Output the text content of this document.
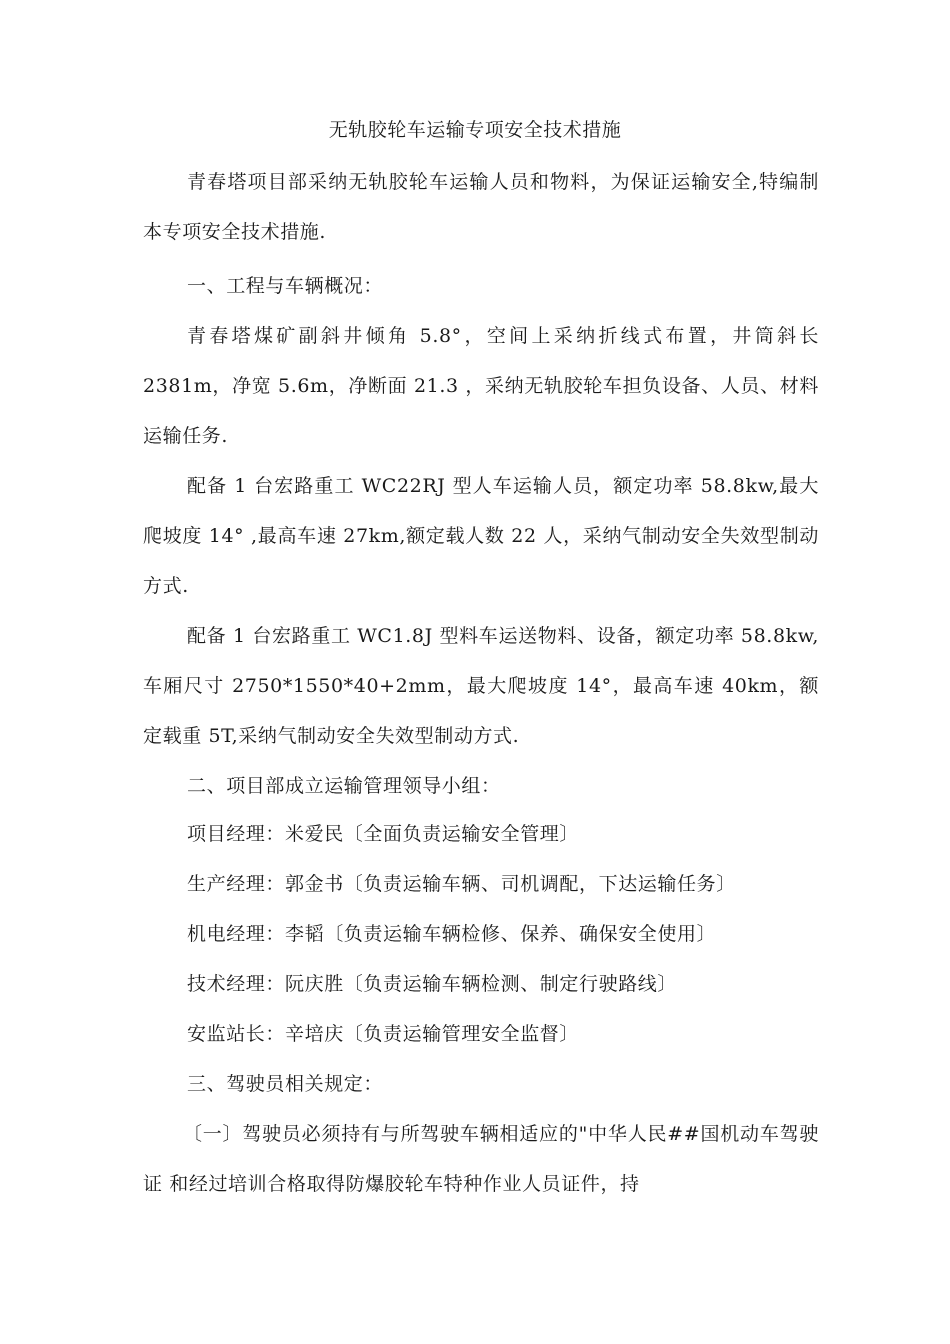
无轨胶轮车运输专项安全技术措施

青春塔项目部采纳无轨胶轮车运输人员和物料，为保证运输安全,特编制本专项安全技术措施.

一、工程与车辆概况：

青春塔煤矿副斜井倾角 5.8°，空间上采纳折线式布置，井筒斜长 2381m，净宽 5.6m，净断面 21.3 ，采纳无轨胶轮车担负设备、人员、材料运输任务.

配备 1 台宏路重工 WC22RJ 型人车运输人员，额定功率 58.8kw,最大爬坡度 14° ,最高车速 27km,额定载人数 22 人，采纳气制动安全失效型制动方式.

配备 1 台宏路重工 WC1.8J 型料车运送物料、设备，额定功率 58.8kw,车厢尺寸 2750*1550*40+2mm，最大爬坡度 14°，最高车速 40km，额定载重 5T,采纳气制动安全失效型制动方式.

二、项目部成立运输管理领导小组：

项目经理：米爱民〔全面负责运输安全管理〕

生产经理：郭金书〔负责运输车辆、司机调配，下达运输任务〕

机电经理：李韬〔负责运输车辆检修、保养、确保安全使用〕

技术经理：阮庆胜〔负责运输车辆检测、制定行驶路线〕

安监站长：辛培庆〔负责运输管理安全监督〕

三、驾驶员相关规定：

〔一〕驾驶员必须持有与所驾驶车辆相适应的"中华人民##国机动车驾驶证 和经过培训合格取得防爆胶轮车特种作业人员证件，持
